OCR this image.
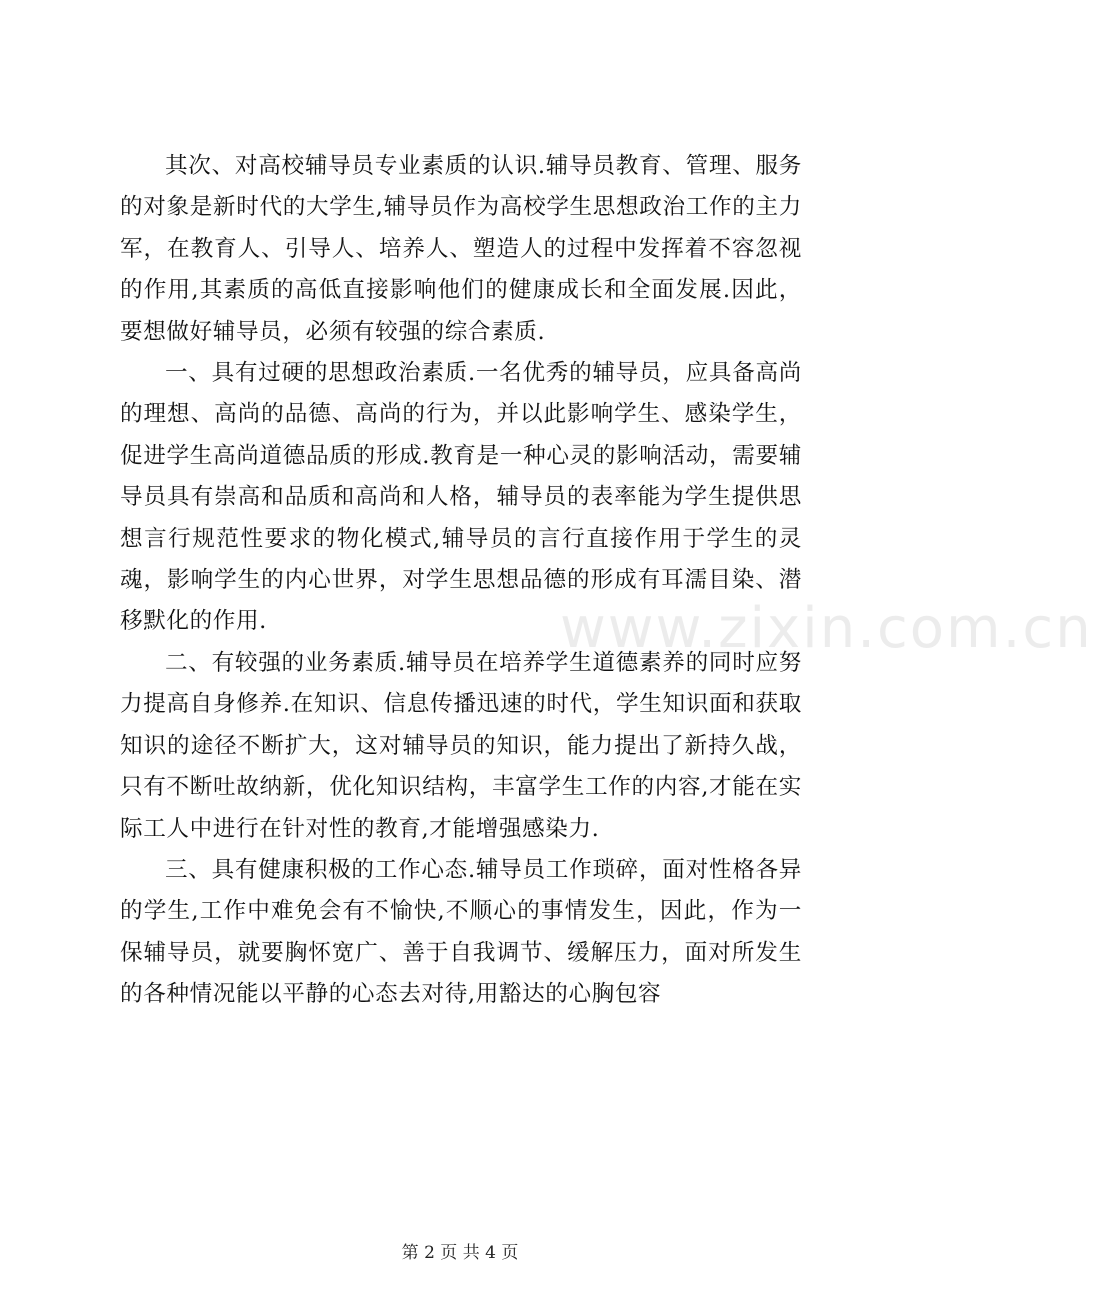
www.zixin.com.cn

其次、对高校辅导员专业素质的认识.辅导员教育、管理、服务的对象是新时代的大学生,辅导员作为高校学生思想政治工作的主力军，在教育人、引导人、培养人、塑造人的过程中发挥着不容忽视的作用,其素质的高低直接影响他们的健康成长和全面发展.因此，要想做好辅导员，必须有较强的综合素质.

一、具有过硬的思想政治素质.一名优秀的辅导员，应具备高尚的理想、高尚的品德、高尚的行为，并以此影响学生、感染学生，促进学生高尚道德品质的形成.教育是一种心灵的影响活动，需要辅导员具有崇高和品质和高尚和人格，辅导员的表率能为学生提供思想言行规范性要求的物化模式,辅导员的言行直接作用于学生的灵魂，影响学生的内心世界，对学生思想品德的形成有耳濡目染、潜移默化的作用.

二、有较强的业务素质.辅导员在培养学生道德素养的同时应努力提高自身修养.在知识、信息传播迅速的时代，学生知识面和获取知识的途径不断扩大，这对辅导员的知识，能力提出了新持久战，只有不断吐故纳新，优化知识结构，丰富学生工作的内容,才能在实际工人中进行在针对性的教育,才能增强感染力.

三、具有健康积极的工作心态.辅导员工作琐碎，面对性格各异的学生,工作中难免会有不愉快,不顺心的事情发生，因此，作为一保辅导员，就要胸怀宽广、善于自我调节、缓解压力，面对所发生的各种情况能以平静的心态去对待,用豁达的心胸包容

第 2 页 共 4 页
